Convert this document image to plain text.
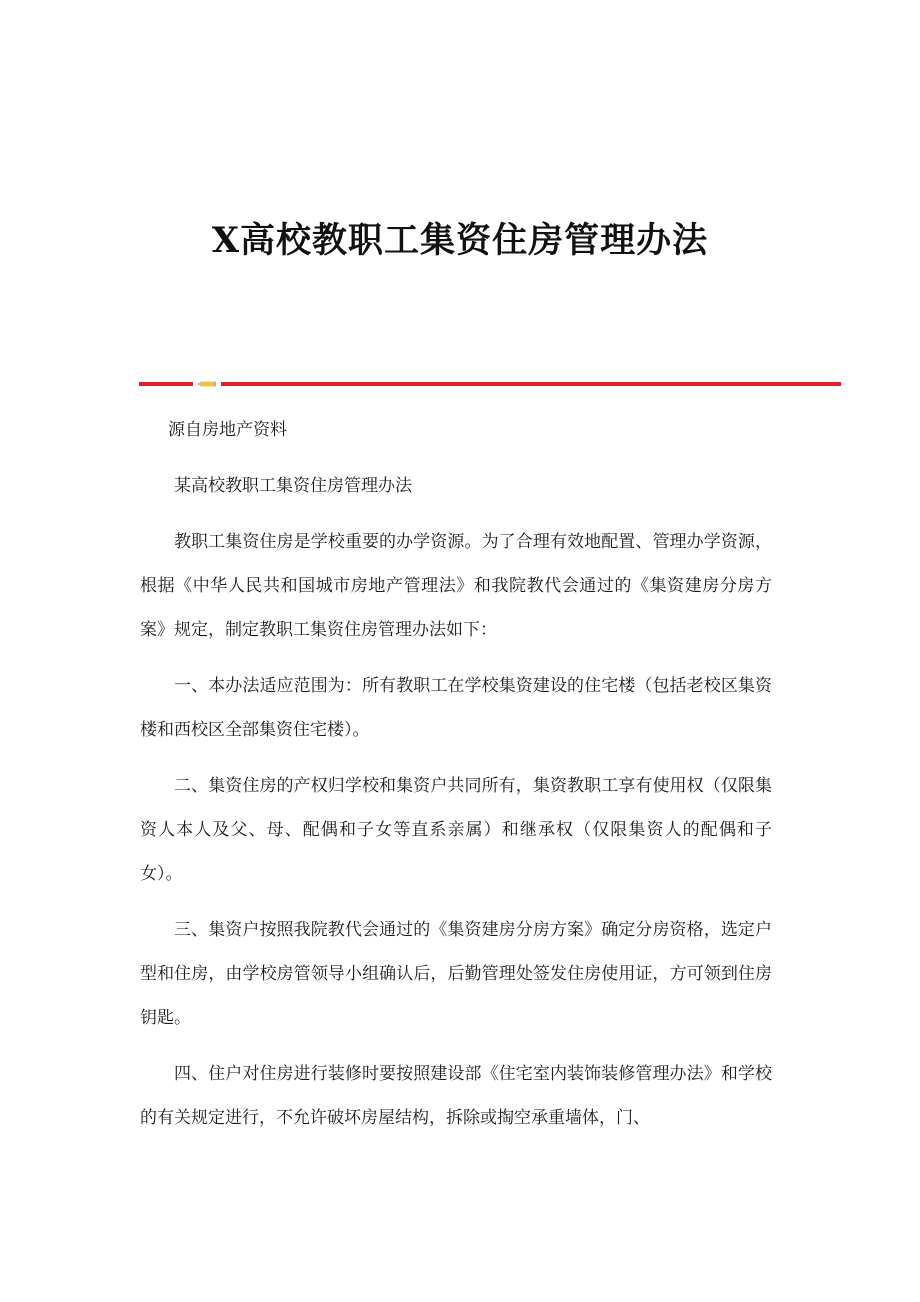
X高校教职工集资住房管理办法

源自房地产资料

某高校教职工集资住房管理办法

教职工集资住房是学校重要的办学资源。为了合理有效地配置、管理办学资源，根据《中华人民共和国城市房地产管理法》和我院教代会通过的《集资建房分房方案》规定，制定教职工集资住房管理办法如下：

一、本办法适应范围为：所有教职工在学校集资建设的住宅楼（包括老校区集资楼和西校区全部集资住宅楼）。

二、集资住房的产权归学校和集资户共同所有，集资教职工享有使用权（仅限集资人本人及父、母、配偶和子女等直系亲属）和继承权（仅限集资人的配偶和子女）。

三、集资户按照我院教代会通过的《集资建房分房方案》确定分房资格，选定户型和住房，由学校房管领导小组确认后，后勤管理处签发住房使用证，方可领到住房钥匙。

四、住户对住房进行装修时要按照建设部《住宅室内装饰装修管理办法》和学校的有关规定进行，不允许破坏房屋结构，拆除或掏空承重墙体，门、
